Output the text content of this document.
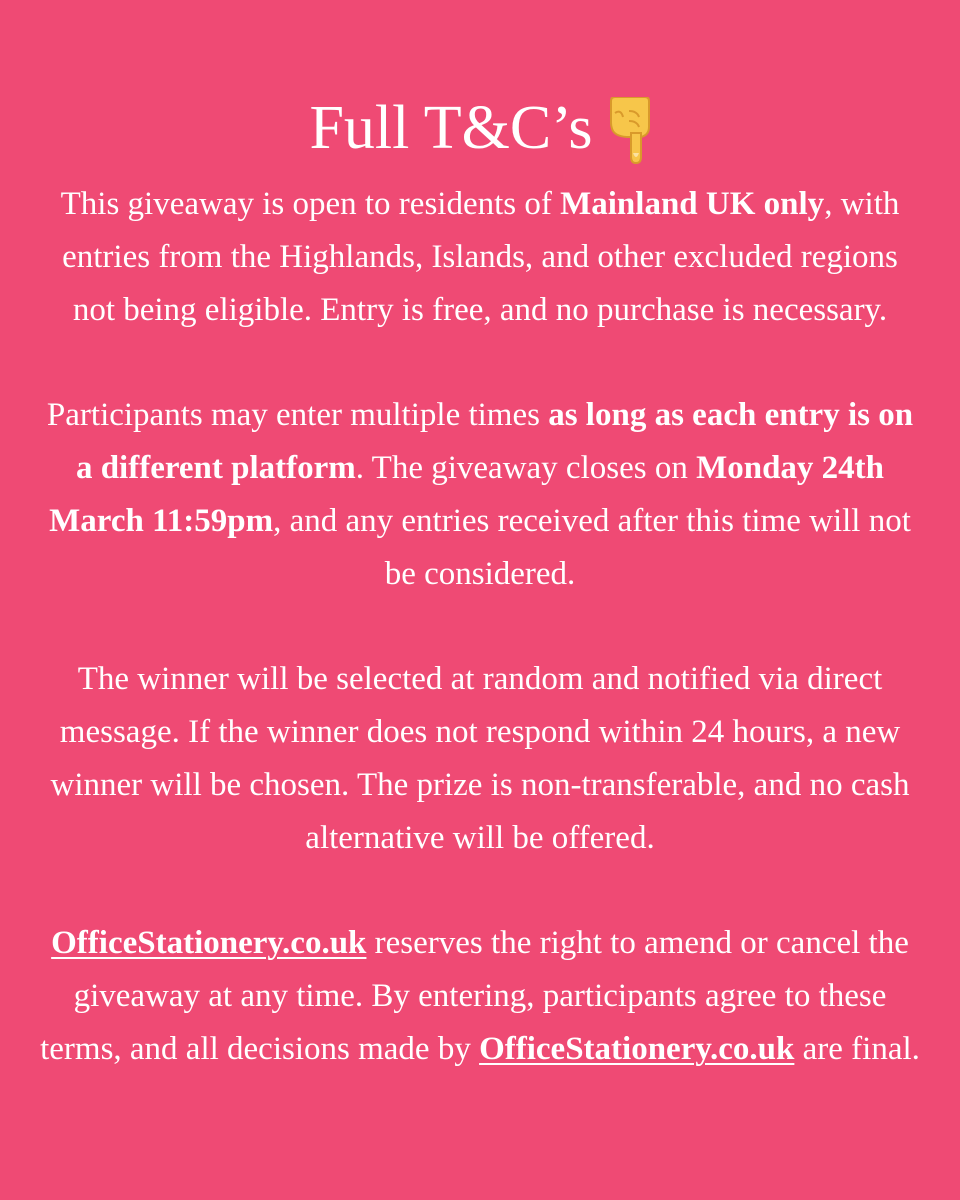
Full T&C’s

This giveaway is open to residents of Mainland UK only, with entries from the Highlands, Islands, and other excluded regions not being eligible. Entry is free, and no purchase is necessary.

Participants may enter multiple times as long as each entry is on a different platform. The giveaway closes on Monday 24th March 11:59pm, and any entries received after this time will not be considered.

The winner will be selected at random and notified via direct message. If the winner does not respond within 24 hours, a new winner will be chosen. The prize is non-transferable, and no cash alternative will be offered.

OfficeStationery.co.uk reserves the right to amend or cancel the giveaway at any time. By entering, participants agree to these terms, and all decisions made by OfficeStationery.co.uk are final.
